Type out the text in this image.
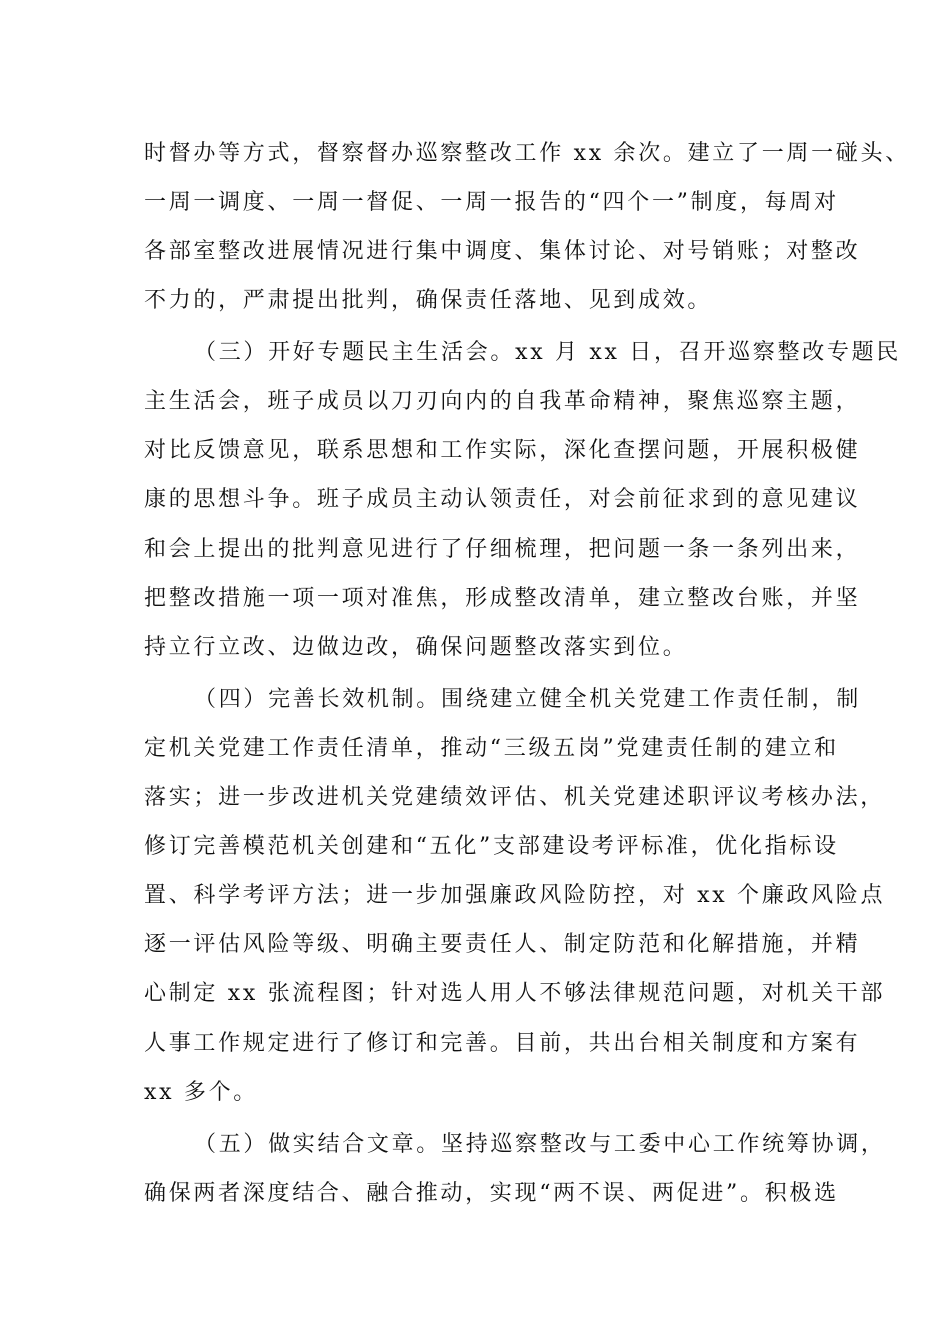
时督办等方式，督察督办巡察整改工作 xx 余次。建立了一周一碰头、
一周一调度、一周一督促、一周一报告的“四个一”制度，每周对
各部室整改进展情况进行集中调度、集体讨论、对号销账；对整改
不力的，严肃提出批判，确保责任落地、见到成效。
（三）开好专题民主生活会。xx 月 xx 日，召开巡察整改专题民
主生活会，班子成员以刀刃向内的自我革命精神，聚焦巡察主题，
对比反馈意见，联系思想和工作实际，深化查摆问题，开展积极健
康的思想斗争。班子成员主动认领责任，对会前征求到的意见建议
和会上提出的批判意见进行了仔细梳理，把问题一条一条列出来，
把整改措施一项一项对准焦，形成整改清单，建立整改台账，并坚
持立行立改、边做边改，确保问题整改落实到位。
（四）完善长效机制。围绕建立健全机关党建工作责任制，制
定机关党建工作责任清单，推动“三级五岗”党建责任制的建立和
落实；进一步改进机关党建绩效评估、机关党建述职评议考核办法，
修订完善模范机关创建和“五化”支部建设考评标准，优化指标设
置、科学考评方法；进一步加强廉政风险防控，对 xx 个廉政风险点
逐一评估风险等级、明确主要责任人、制定防范和化解措施，并精
心制定 xx 张流程图；针对选人用人不够法律规范问题，对机关干部
人事工作规定进行了修订和完善。目前，共出台相关制度和方案有
xx 多个。
（五）做实结合文章。坚持巡察整改与工委中心工作统筹协调，
确保两者深度结合、融合推动，实现“两不误、两促进”。积极选
